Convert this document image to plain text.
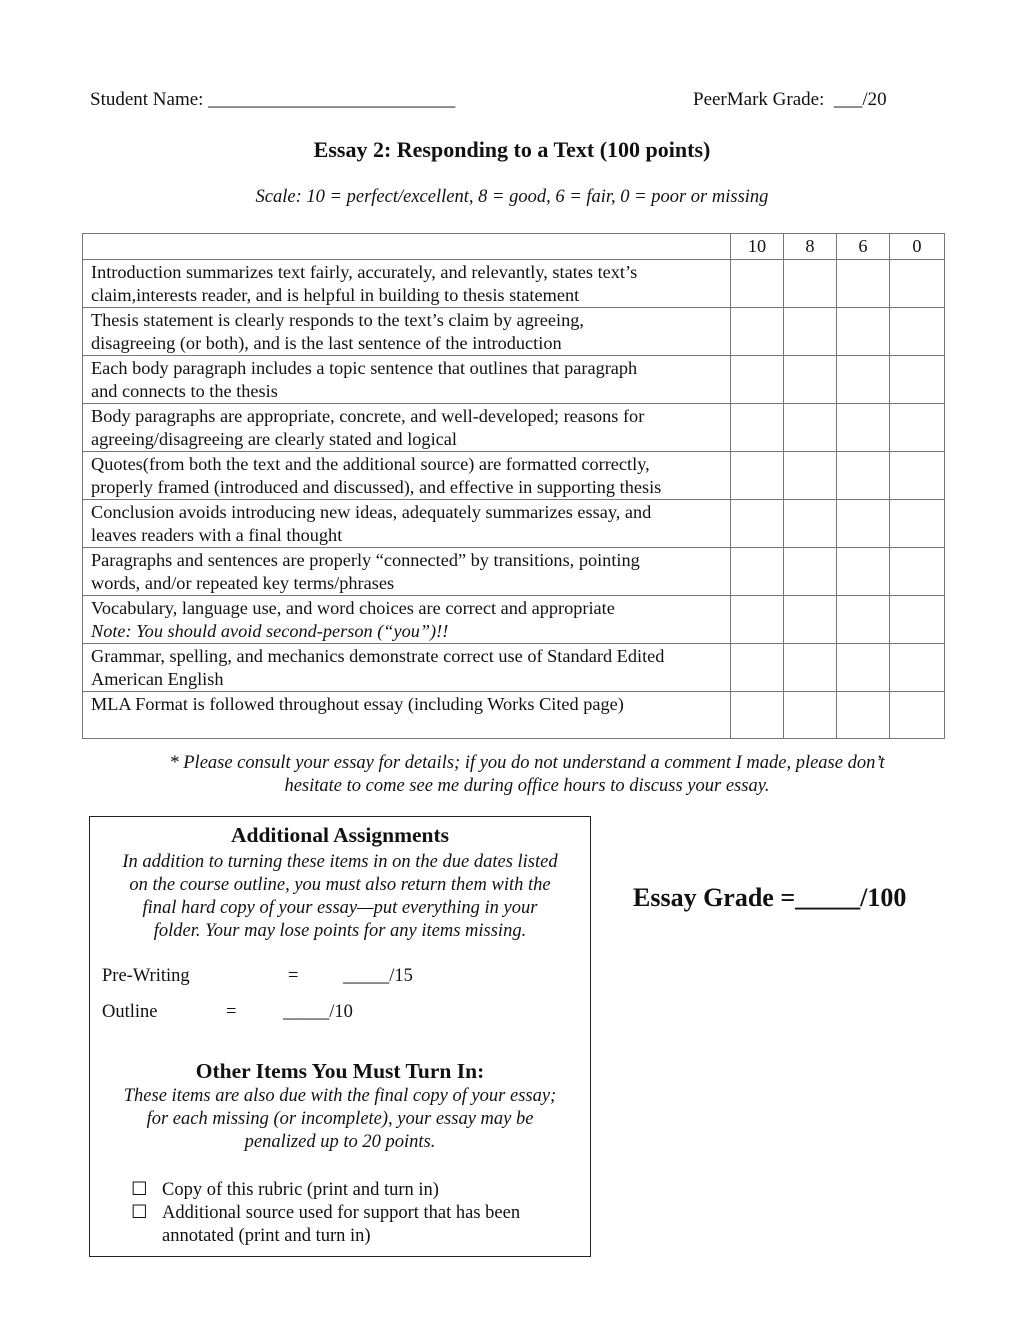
Student Name: __________________________	PeerMark Grade:  ___/20
Essay 2: Responding to a Text (100 points)
Scale: 10 = perfect/excellent, 8 = good, 6 = fair, 0 = poor or missing
	10	8	6	0

Introduction summarizes text fairly, accurately, and relevantly, states text’s
claim,interests reader, and is helpful in building to thesis statement				

Thesis statement is clearly responds to the text’s claim by agreeing,
disagreeing (or both), and is the last sentence of the introduction				

Each body paragraph includes a topic sentence that outlines that paragraph
and connects to the thesis				

Body paragraphs are appropriate, concrete, and well-developed; reasons for
agreeing/disagreeing are clearly stated and logical				

Quotes(from both the text and the additional source) are formatted correctly,
properly framed (introduced and discussed), and effective in supporting thesis				

Conclusion avoids introducing new ideas, adequately summarizes essay, and
leaves readers with a final thought				

Paragraphs and sentences are properly “connected” by transitions, pointing
words, and/or repeated key terms/phrases				

Vocabulary, language use, and word choices are correct and appropriate
Note: You should avoid second-person (“you”)!!				

Grammar, spelling, and mechanics demonstrate correct use of Standard Edited
American English				

MLA Format is followed throughout essay (including Works Cited page)				

* Please consult your essay for details; if you do not understand a comment I made, please don’t
hesitate to come see me during office hours to discuss your essay.
Additional Assignments
In addition to turning these items in on the due dates listed
on the course outline, you must also return them with the
final hard copy of your essay—put everything in your
folder. Your may lose points for any items missing.
Pre-Writing	= _____/15
Outline	=	_____/10
Other Items You Must Turn In:
These items are also due with the final copy of your essay;
for each missing (or incomplete), your essay may be
penalized up to 20 points.
☐ Copy of this rubric (print and turn in)
☐ Additional source used for support that has been
annotated (print and turn in)
Essay Grade =_____/100
